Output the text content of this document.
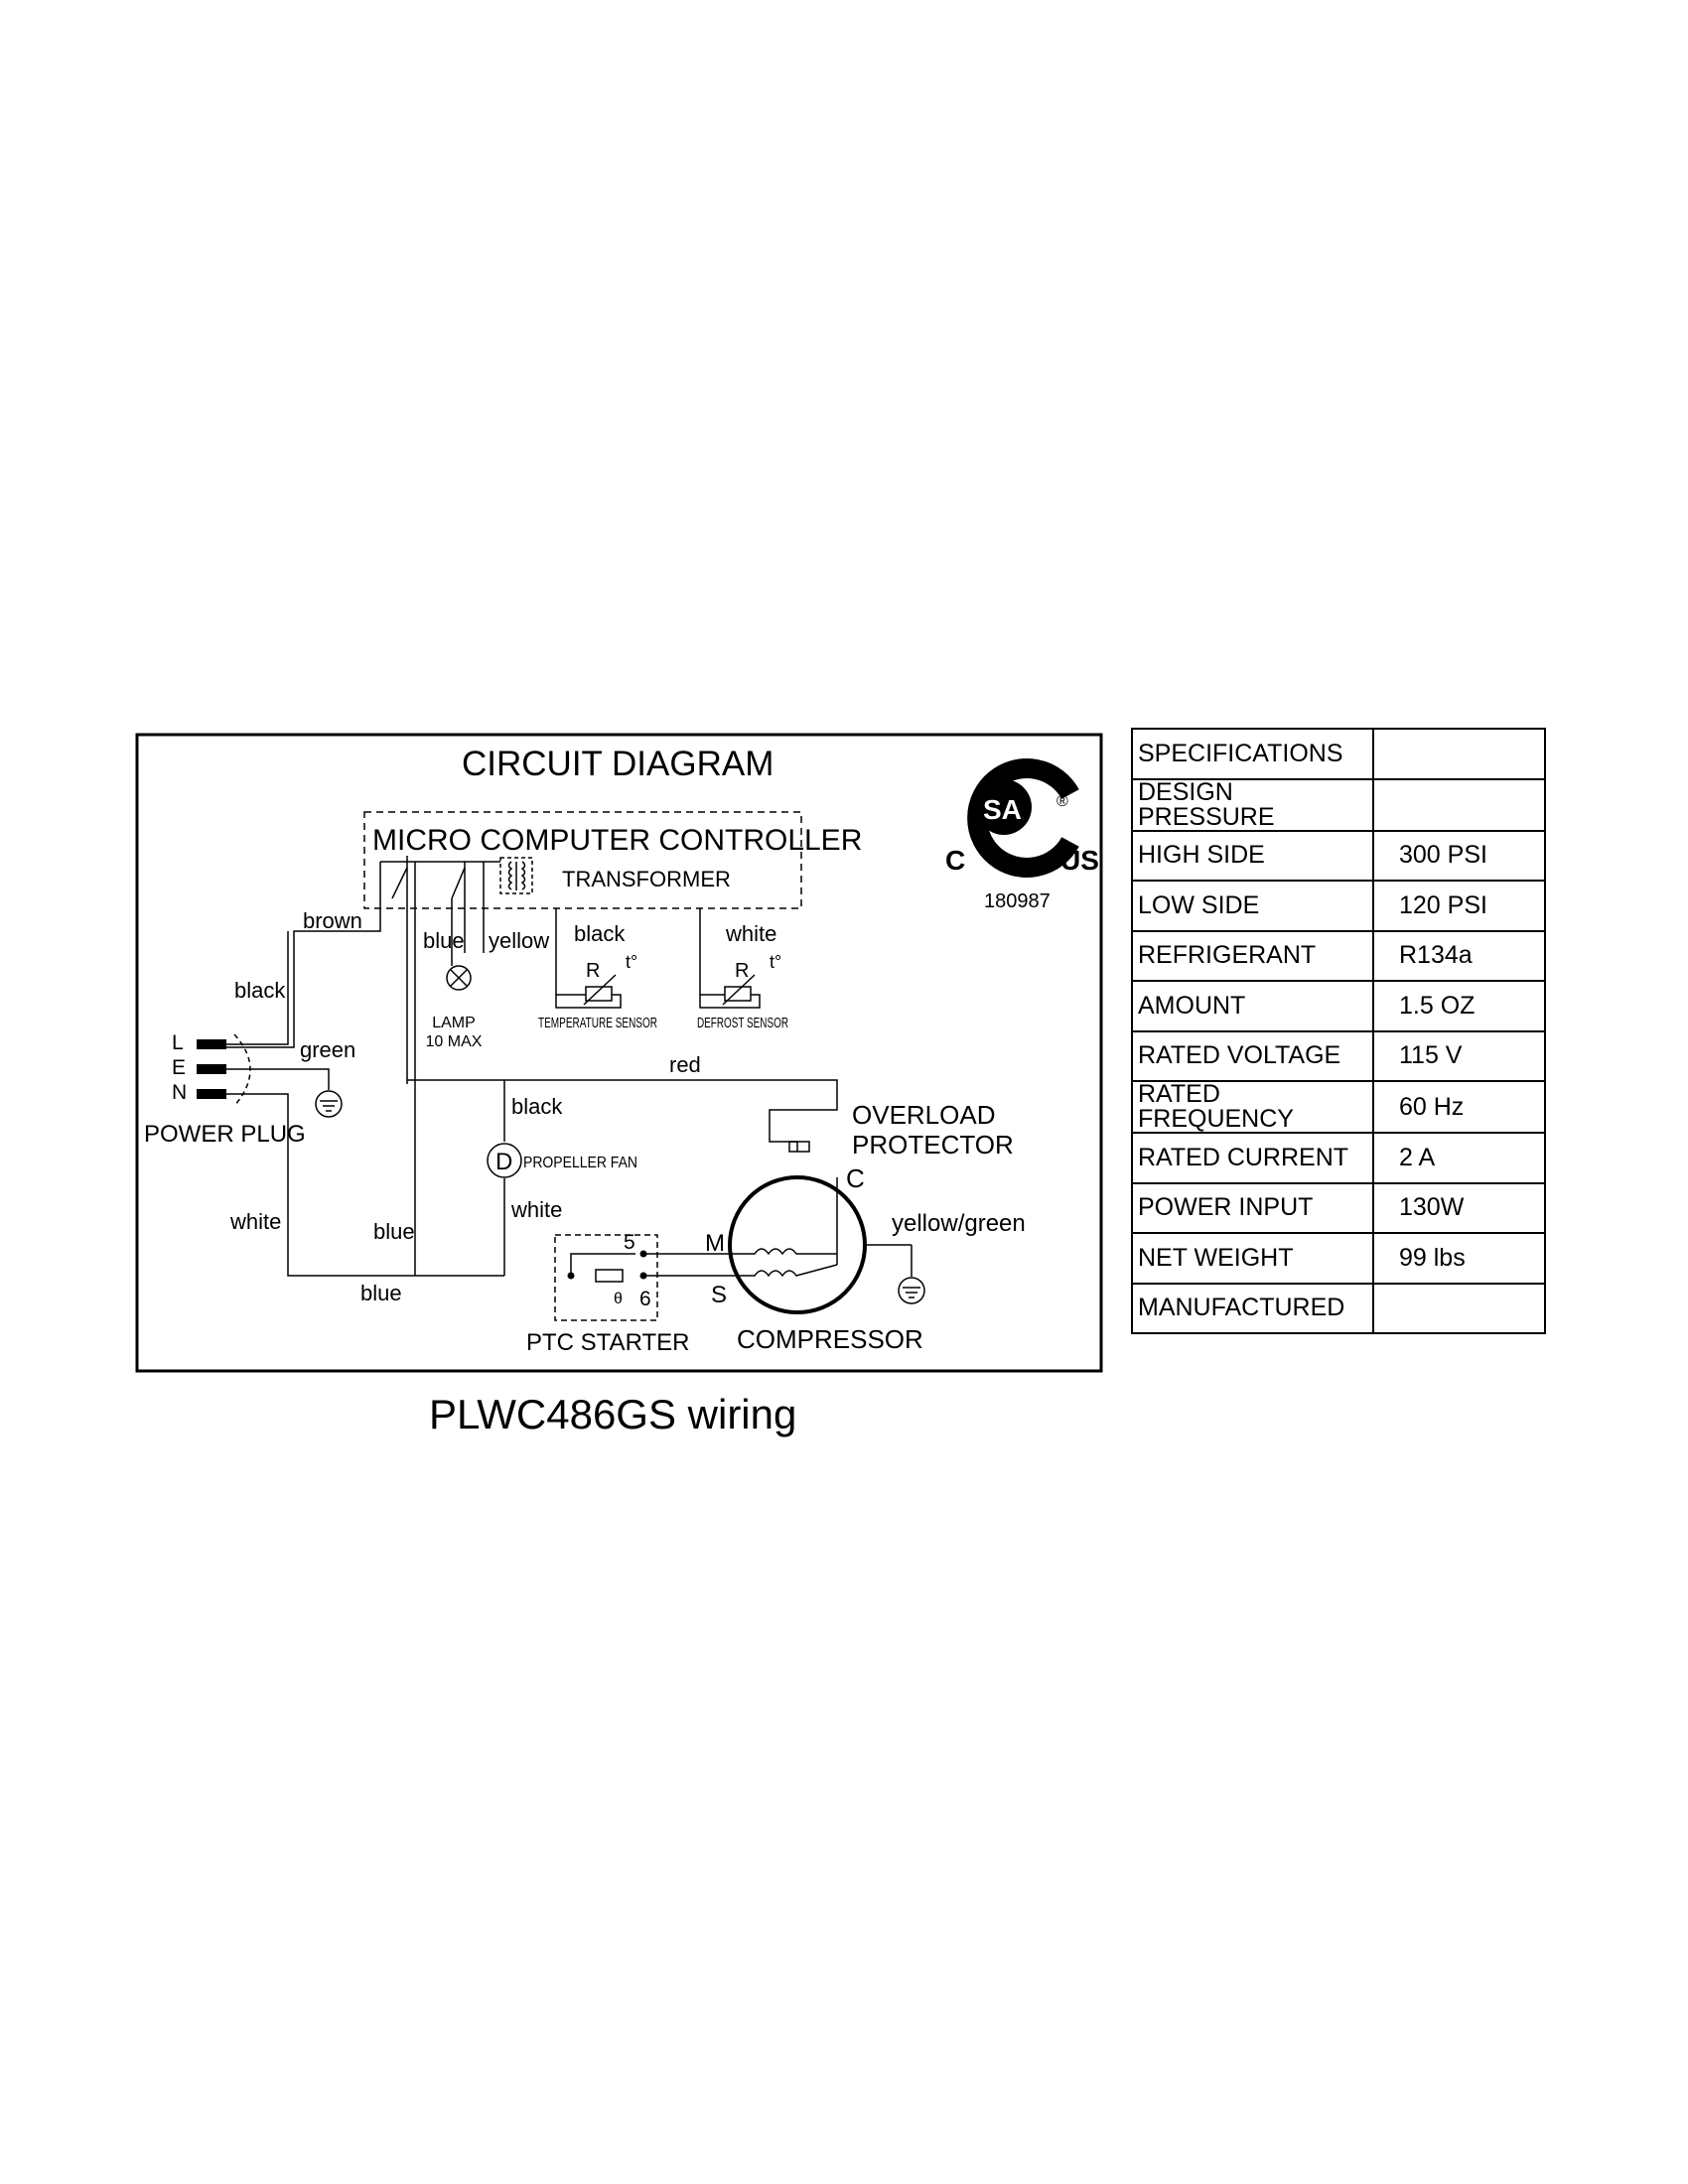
CIRCUIT DIAGRAM
SA ®
C	US
180987
MICRO COMPUTER CONTROLLER
TRANSFORMER
brown
black
blue yellow
LAMP
10 MAX
black
R t°
TEMPERATURE SENSOR
white
R t°
DEFROST SENSOR
L
E
N
POWER PLUG
green
white	blue
blue
red
D PROPELLER FAN
black
white
5
6
θ
PTC STARTER
OVERLOAD
PROTECTOR
C
M
S
COMPRESSOR
yellow/green
SPECIFICATIONS	
DESIGN PRESSURE	
HIGH SIDE	300 PSI
LOW SIDE	120 PSI
REFRIGERANT	R134a
AMOUNT	1.5 OZ
RATED VOLTAGE	115 V
RATED FREQUENCY	60 Hz
RATED CURRENT	2 A
POWER INPUT	130W
NET WEIGHT	99 lbs
MANUFACTURED	
PLWC486GS wiring
